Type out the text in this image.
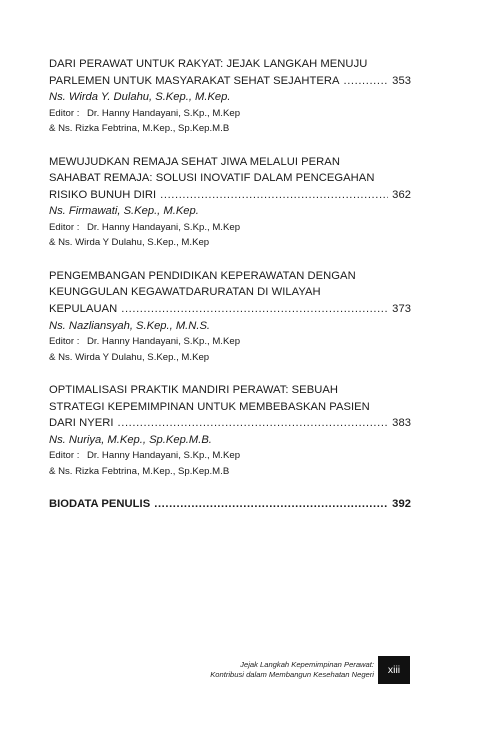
DARI PERAWAT UNTUK RAKYAT: JEJAK LANGKAH MENUJU
PARLEMEN UNTUK MASYARAKAT SEHAT SEJAHTERA .....	353
Ns. Wirda Y. Dulahu, S.Kep., M.Kep.
Editor : Dr. Hanny Handayani, S.Kp., M.Kep
& Ns. Rizka Febtrina, M.Kep., Sp.Kep.M.B
MEWUJUDKAN REMAJA SEHAT JIWA MELALUI PERAN
SAHABAT REMAJA: SOLUSI INOVATIF DALAM PENCEGAHAN
RISIKO BUNUH DIRI .....	362
Ns. Firmawati, S.Kep., M.Kep.
Editor : Dr. Hanny Handayani, S.Kp., M.Kep
& Ns. Wirda Y Dulahu, S.Kep., M.Kep
PENGEMBANGAN PENDIDIKAN KEPERAWATAN DENGAN
KEUNGGULAN KEGAWATDARURATAN DI WILAYAH
KEPULAUAN .....	373
Ns. Nazliansyah, S.Kep., M.N.S.
Editor : Dr. Hanny Handayani, S.Kp., M.Kep
& Ns. Wirda Y Dulahu, S.Kep., M.Kep
OPTIMALISASI PRAKTIK MANDIRI PERAWAT: SEBUAH
STRATEGI KEPEMIMPINAN UNTUK MEMBEBASKAN PASIEN
DARI NYERI .....	383
Ns. Nuriya, M.Kep., Sp.Kep.M.B.
Editor : Dr. Hanny Handayani, S.Kp., M.Kep
& Ns. Rizka Febtrina, M.Kep., Sp.Kep.M.B
BIODATA PENULIS .....	392
Jejak Langkah Kepemimpinan Perawat:
Kontribusi dalam Membangun Kesehatan Negeri	xiii
